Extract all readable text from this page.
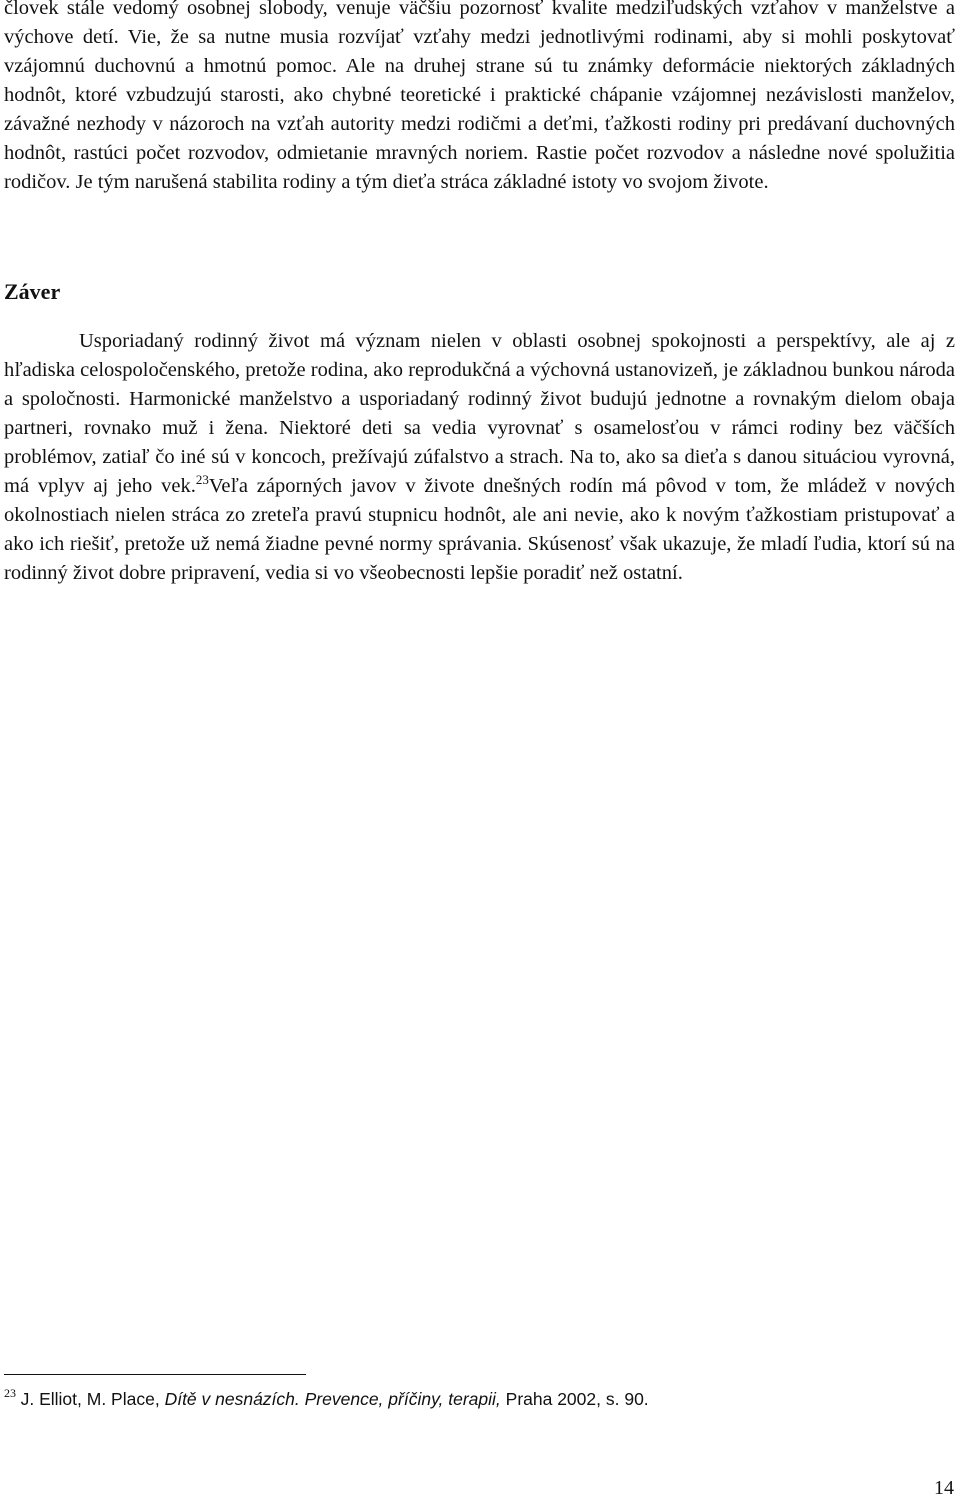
človek stále vedomý osobnej slobody, venuje väčšiu pozornosť kvalite medziľudských vzťahov v manželstve a výchove detí. Vie, že sa nutne musia rozvíjať vzťahy medzi jednotlivými rodinami, aby si mohli poskytovať vzájomnú duchovnú a hmotnú pomoc. Ale na druhej strane sú tu známky deformácie niektorých základných hodnôt, ktoré vzbudzujú starosti, ako chybné teoretické i praktické chápanie vzájomnej nezávislosti manželov, závažné nezhody v názoroch na vzťah autority medzi rodičmi a deťmi, ťažkosti rodiny pri predávaní duchovných hodnôt, rastúci počet rozvodov, odmietanie mravných noriem. Rastie počet rozvodov a následne nové spolužitia rodičov. Je tým narušená stabilita rodiny a tým dieťa stráca základné istoty vo svojom živote.

Záver

Usporiadaný rodinný život má význam nielen v oblasti osobnej spokojnosti a perspektívy, ale aj z hľadiska celospoločenského, pretože rodina, ako reprodukčná a výchovná ustanovizeň, je základnou bunkou národa a spoločnosti. Harmonické manželstvo a usporiadaný rodinný život budujú jednotne a rovnakým dielom obaja partneri, rovnako muž i žena. Niektoré deti sa vedia vyrovnať s osamelosťou v rámci rodiny bez väčších problémov, zatiaľ čo iné sú v koncoch, prežívajú zúfalstvo a strach. Na to, ako sa dieťa s danou situáciou vyrovná, má vplyv aj jeho vek.$^{23}$Veľa záporných javov v živote dnešných rodín má pôvod v tom, že mládež v nových okolnostiach nielen stráca zo zreteľa pravú stupnicu hodnôt, ale ani nevie, ako k novým ťažkostiam pristupovať a ako ich riešiť, pretože už nemá žiadne pevné normy správania. Skúsenosť však ukazuje, že mladí ľudia, ktorí sú na rodinný život dobre pripravení, vedia si vo všeobecnosti lepšie poradiť než ostatní.

$^{23}$ J. Elliot, M. Place, Dítě v nesnázích. Prevence, příčiny, terapii, Praha 2002, s. 90.

14
